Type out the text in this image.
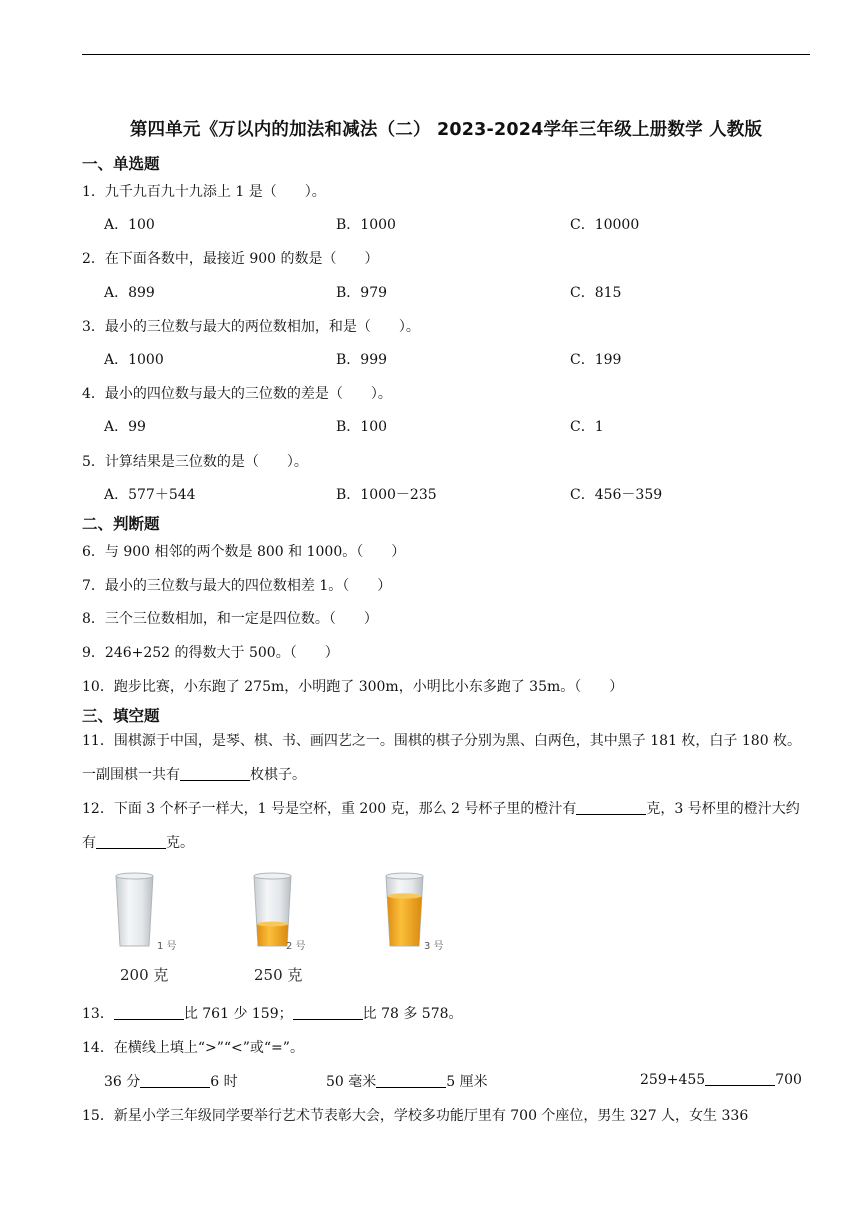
第四单元《万以内的加法和减法（二） 2023-2024学年三年级上册数学 人教版
一、单选题
1．九千九百九十九添上 1 是（　　）。
A．100	B．1000	C．10000
2．在下面各数中，最接近 900 的数是（　　）
A．899	B．979	C．815
3．最小的三位数与最大的两位数相加，和是（　　）。
A．1000	B．999	C．199
4．最小的四位数与最大的三位数的差是（　　）。
A．99	B．100	C．1
5．计算结果是三位数的是（　　）。
A．577＋544	B．1000－235	C．456－359
二、判断题
6．与 900 相邻的两个数是 800 和 1000。（　　）
7．最小的三位数与最大的四位数相差 1。（　　）
8．三个三位数相加，和一定是四位数。（　　）
9．246+252 的得数大于 500。（　　）
10．跑步比赛，小东跑了 275m，小明跑了 300m，小明比小东多跑了 35m。（　　）
三、填空题
11．围棋源于中国，是琴、棋、书、画四艺之一。围棋的棋子分别为黑、白两色，其中黑子 181 枚，白子 180 枚。一副围棋一共有	枚棋子。
12．下面 3 个杯子一样大，1 号是空杯，重 200 克，那么 2 号杯子里的橙汁有	克，3 号杯里的橙汁大约有	克。
1 号	2 号	3 号
200 克	250 克
13．	比 761 少 159；	比 78 多 578。
14．在横线上填上“>”“<”或“=”。
36 分	6 时	50 毫米	5 厘米	259+455	700
15．新星小学三年级同学要举行艺术节表彰大会，学校多功能厅里有 700 个座位，男生 327 人，女生 336
